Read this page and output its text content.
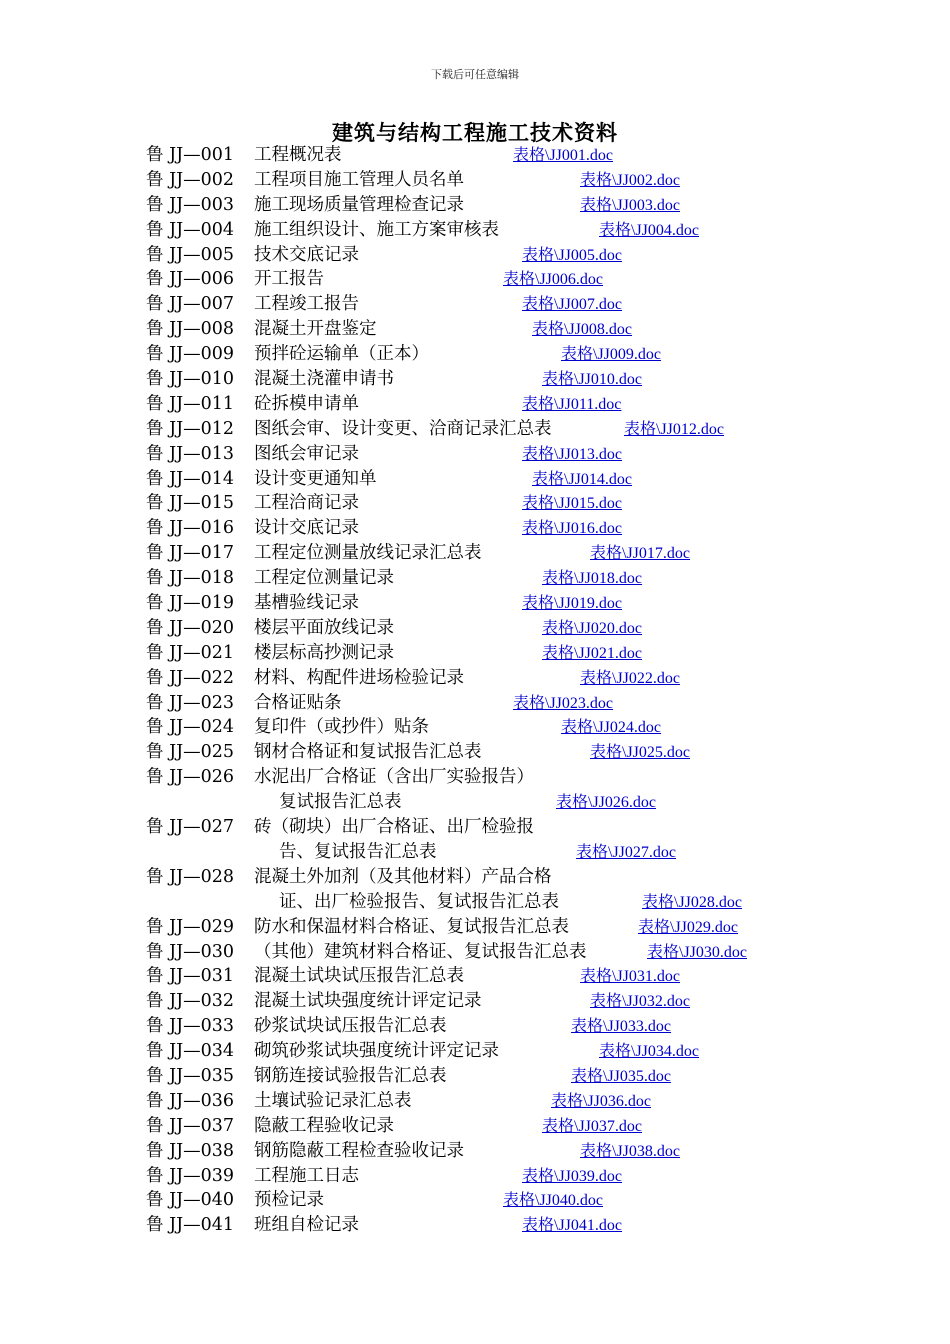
下载后可任意编辑
建筑与结构工程施工技术资料
鲁 JJ—001 工程概况表	表格\JJ001.doc
鲁 JJ—002 工程项目施工管理人员名单	表格\JJ002.doc
鲁 JJ—003 施工现场质量管理检查记录	表格\JJ003.doc
鲁 JJ—004 施工组织设计、施工方案审核表	表格\JJ004.doc
鲁 JJ—005 技术交底记录	表格\JJ005.doc
鲁 JJ—006 开工报告	表格\JJ006.doc
鲁 JJ—007 工程竣工报告	表格\JJ007.doc
鲁 JJ—008 混凝土开盘鉴定	表格\JJ008.doc
鲁 JJ—009 预拌砼运输单（正本）	表格\JJ009.doc
鲁 JJ—010 混凝土浇灌申请书	表格\JJ010.doc
鲁 JJ—011 砼拆模申请单	表格\JJ011.doc
鲁 JJ—012 图纸会审、设计变更、洽商记录汇总表	表格\JJ012.doc
鲁 JJ—013 图纸会审记录	表格\JJ013.doc
鲁 JJ—014 设计变更通知单	表格\JJ014.doc
鲁 JJ—015 工程洽商记录	表格\JJ015.doc
鲁 JJ—016 设计交底记录	表格\JJ016.doc
鲁 JJ—017 工程定位测量放线记录汇总表	表格\JJ017.doc
鲁 JJ—018 工程定位测量记录	表格\JJ018.doc
鲁 JJ—019 基槽验线记录	表格\JJ019.doc
鲁 JJ—020 楼层平面放线记录	表格\JJ020.doc
鲁 JJ—021 楼层标高抄测记录	表格\JJ021.doc
鲁 JJ—022 材料、构配件进场检验记录	表格\JJ022.doc
鲁 JJ—023 合格证贴条	表格\JJ023.doc
鲁 JJ—024 复印件（或抄件）贴条	表格\JJ024.doc
鲁 JJ—025 钢材合格证和复试报告汇总表	表格\JJ025.doc
鲁 JJ—026 水泥出厂合格证（含出厂实验报告）
复试报告汇总表	表格\JJ026.doc
鲁 JJ—027 砖（砌块）出厂合格证、出厂检验报
告、复试报告汇总表	表格\JJ027.doc
鲁 JJ—028 混凝土外加剂（及其他材料）产品合格
证、出厂检验报告、复试报告汇总表	表格\JJ028.doc
鲁 JJ—029 防水和保温材料合格证、复试报告汇总表	表格\JJ029.doc
鲁 JJ—030 （其他）建筑材料合格证、复试报告汇总表	表格\JJ030.doc
鲁 JJ—031 混凝土试块试压报告汇总表	表格\JJ031.doc
鲁 JJ—032 混凝土试块强度统计评定记录	表格\JJ032.doc
鲁 JJ—033 砂浆试块试压报告汇总表	表格\JJ033.doc
鲁 JJ—034 砌筑砂浆试块强度统计评定记录	表格\JJ034.doc
鲁 JJ—035 钢筋连接试验报告汇总表	表格\JJ035.doc
鲁 JJ—036 土壤试验记录汇总表	表格\JJ036.doc
鲁 JJ—037 隐蔽工程验收记录	表格\JJ037.doc
鲁 JJ—038 钢筋隐蔽工程检查验收记录	表格\JJ038.doc
鲁 JJ—039 工程施工日志	表格\JJ039.doc
鲁 JJ—040 预检记录	表格\JJ040.doc
鲁 JJ—041 班组自检记录	表格\JJ041.doc
